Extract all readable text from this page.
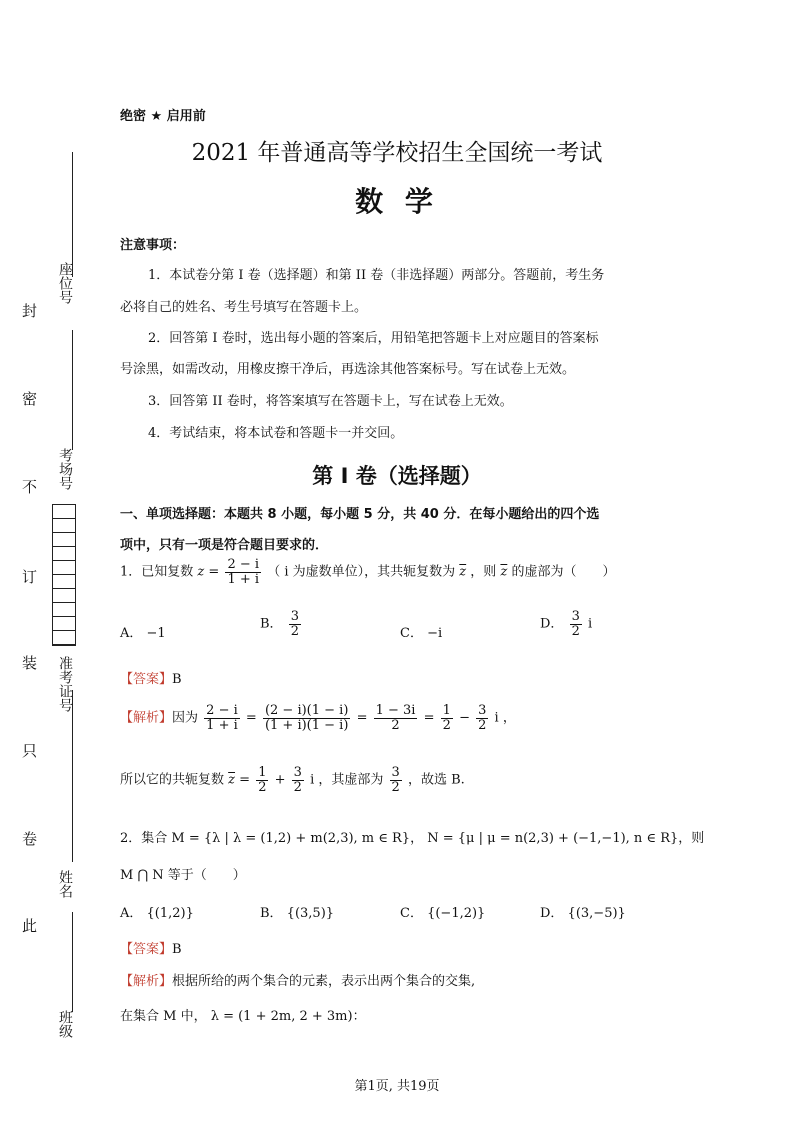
座位号
考场号
准考证号
姓名
班级
封
密
不
订
装
只
卷
此
绝密 ★ 启用前
2021 年普通高等学校招生全国统一考试
数 学
注意事项：
1．本试卷分第 I 卷（选择题）和第 II 卷（非选择题）两部分。答题前，考生务
必将自己的姓名、考生号填写在答题卡上。
2．回答第 I 卷时，选出每小题的答案后，用铅笔把答题卡上对应题目的答案标
号涂黑，如需改动，用橡皮擦干净后，再选涂其他答案标号。写在试卷上无效。
3．回答第 II 卷时，将答案填写在答题卡上，写在试卷上无效。
4．考试结束，将本试卷和答题卡一并交回。
第 I 卷（选择题）
一、单项选择题：本题共 8 小题，每小题 5 分，共 40 分．在每小题给出的四个选
项中，只有一项是符合题目要求的．
1．已知复数 $z = \frac{2 - i}{1 + i}$ （ i 为虚数单位），其共轭复数为 $\overline{z}$ ，则 $\overline{z}$ 的虚部为（　　）
A． −1
B． $\frac{3}{2}$	C． −i
D． $\frac{3}{2}$ i
【答案】B
【解析】因为 $\frac{2 - i}{1 + i} = \frac{(2 - i)(1 - i)}{(1 + i)(1 - i)} = \frac{1 - 3i}{2} = \frac{1}{2} - \frac{3}{2}$ i ，
所以它的共轭复数 $\overline{z} = \frac{1}{2} + \frac{3}{2}$ i ，其虚部为 $\frac{3}{2}$ ，故选 B.
2．集合 M = {λ | λ = (1,2) + m(2,3), m ∈ R}， N = {μ | μ = n(2,3) + (−1,−1), n ∈ R}，则
M ⋂ N 等于（　　）
A． {(1,2)}	B． {(3,5)}	C． {(−1,2)}	D． {(3,−5)}
【答案】B
【解析】根据所给的两个集合的元素，表示出两个集合的交集,
在集合 M 中， λ = (1 + 2m, 2 + 3m)：
第1页, 共19页
